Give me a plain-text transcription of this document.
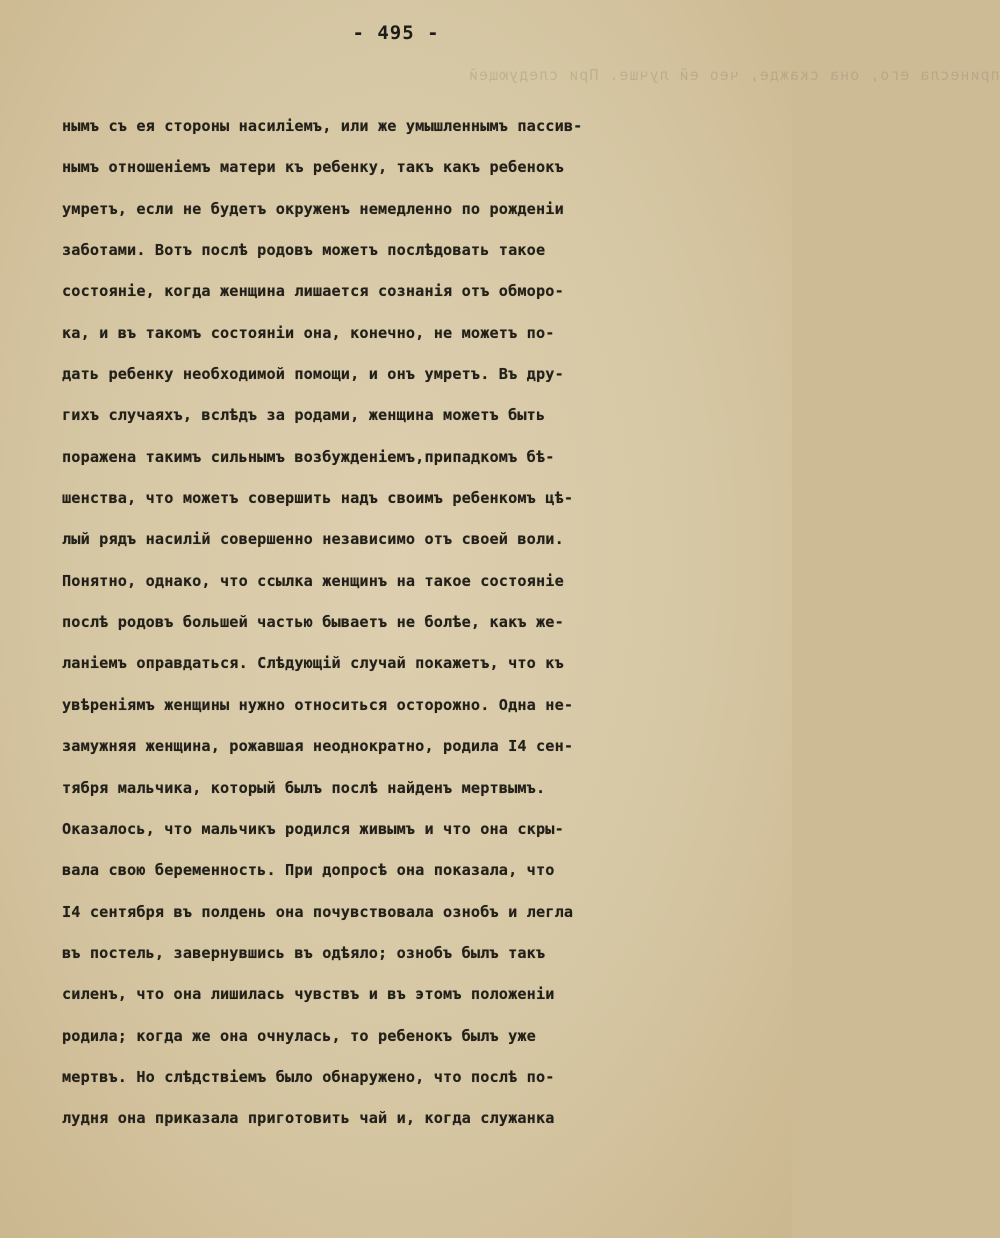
принесла его, она скажде, чео ей лучше. При следующей
- 495 -
нымъ съ ея стороны насиліемъ, или же умышленнымъ пассив-
нымъ отношеніемъ матери къ ребенку, такъ какъ ребенокъ
умретъ, если не будетъ окруженъ немедленно по рожденіи
заботами. Вотъ послѣ родовъ можетъ послѣдовать такое
состояніе, когда женщина лишается сознанія отъ обморо-
ка, и въ такомъ состояніи она, конечно, не можетъ по-
дать ребенку необходимой помощи, и онъ умретъ. Въ дру-
гихъ случаяхъ, вслѣдъ за родами, женщина можетъ быть
поражена такимъ сильнымъ возбужденіемъ,припадкомъ бѣ-
шенства, что можетъ совершить надъ своимъ ребенкомъ цѣ-
лый рядъ насилій совершенно независимо отъ своей воли.
Понятно, однако, что ссылка женщинъ на такое состояніе
послѣ родовъ большей частью бываетъ не болѣе, какъ же-
ланіемъ оправдаться. Слѣдующій случай покажетъ, что къ
увѣреніямъ женщины нужно относиться осторожно. Одна не-
замужняя женщина, рожавшая неоднократно, родила I4 сен-
тября мальчика, который былъ послѣ найденъ мертвымъ.
Оказалось, что мальчикъ родился живымъ и что она скры-
вала свою беременность. При допросѣ она показала, что
I4 сентября въ полдень она почувствовала ознобъ и легла
въ постель, завернувшись въ одѣяло; ознобъ былъ такъ
силенъ, что она лишилась чувствъ и въ этомъ положеніи
родила; когда же она очнулась, то ребенокъ былъ уже
мертвъ. Но слѣдствіемъ было обнаружено, что послѣ по-
лудня она приказала приготовить чай и, когда служанка
